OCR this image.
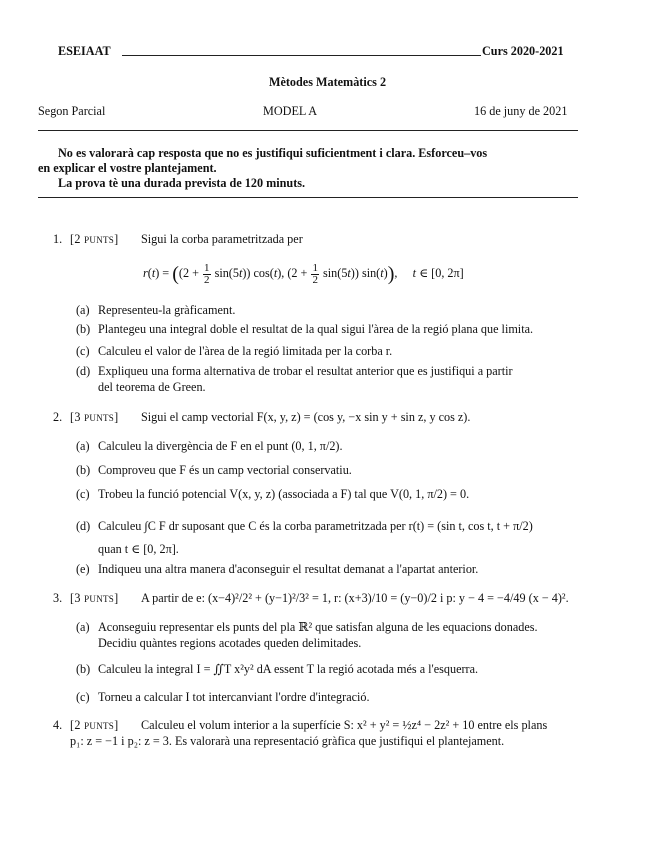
ESEIAAT	Curs 2020-2021
Mètodes Matemàtics 2
Segon Parcial	MODEL A	16 de juny de 2021
No es valorarà cap resposta que no es justifiqui suficientment i clara. Esforceu–vos
en explicar el vostre plantejament.
La prova tè una durada prevista de 120 minuts.
1. [2 punts] Sigui la corba parametritzada per
$r(t) = ((2 + \frac{1}{2} \sin(5t))$ cos(t), $(2 + \frac{1}{2} \sin(5t))$ sin(t)),     t ∈ [0, 2π]
(a) Representeu-la gràficament.
(b) Plantegeu una integral doble el resultat de la qual sigui l'àrea de la regió plana que limita.
(c) Calculeu el valor de l'àrea de la regió limitada per la corba r.
(d) Expliqueu una forma alternativa de trobar el resultat anterior que es justifiqui a partir
del teorema de Green.
2. [3 punts] Sigui el camp vectorial F(x, y, z) = (cos y, −x sin y + sin z, y cos z).
(a) Calculeu la divergència de F en el punt (0, 1, π/2).
(b) Comproveu que F és un camp vectorial conservatiu.
(c) Trobeu la funció potencial V(x, y, z) (associada a F) tal que V(0, 1, π/2) = 0.
(d) Calculeu ∫C F dr suposant que C és la corba parametritzada per r(t) = (sin t, cos t, t + π/2)
quan t ∈ [0, 2π].
(e) Indiqueu una altra manera d'aconseguir el resultat demanat a l'apartat anterior.
3. [3 punts] A partir de e: (x−4)²/2² + (y−1)²/3² = 1, r: (x+3)/10 = (y−0)/2 i p: y − 4 = −4/49 (x − 4)².
(a) Aconseguiu representar els punts del pla ℝ² que satisfan alguna de les equacions donades.
Decidiu quàntes regions acotades queden delimitades.
(b) Calculeu la integral I = ∬T x²y² dA essent T la regió acotada més a l'esquerra.
(c) Torneu a calcular I tot intercanviant l'ordre d'integració.
4. [2 punts] Calculeu el volum interior a la superfície S: x² + y² = ½z⁴ − 2z² + 10 entre els plans
p₁: z = −1 i p₂: z = 3. Es valorarà una representació gràfica que justifiqui el plantejament.
